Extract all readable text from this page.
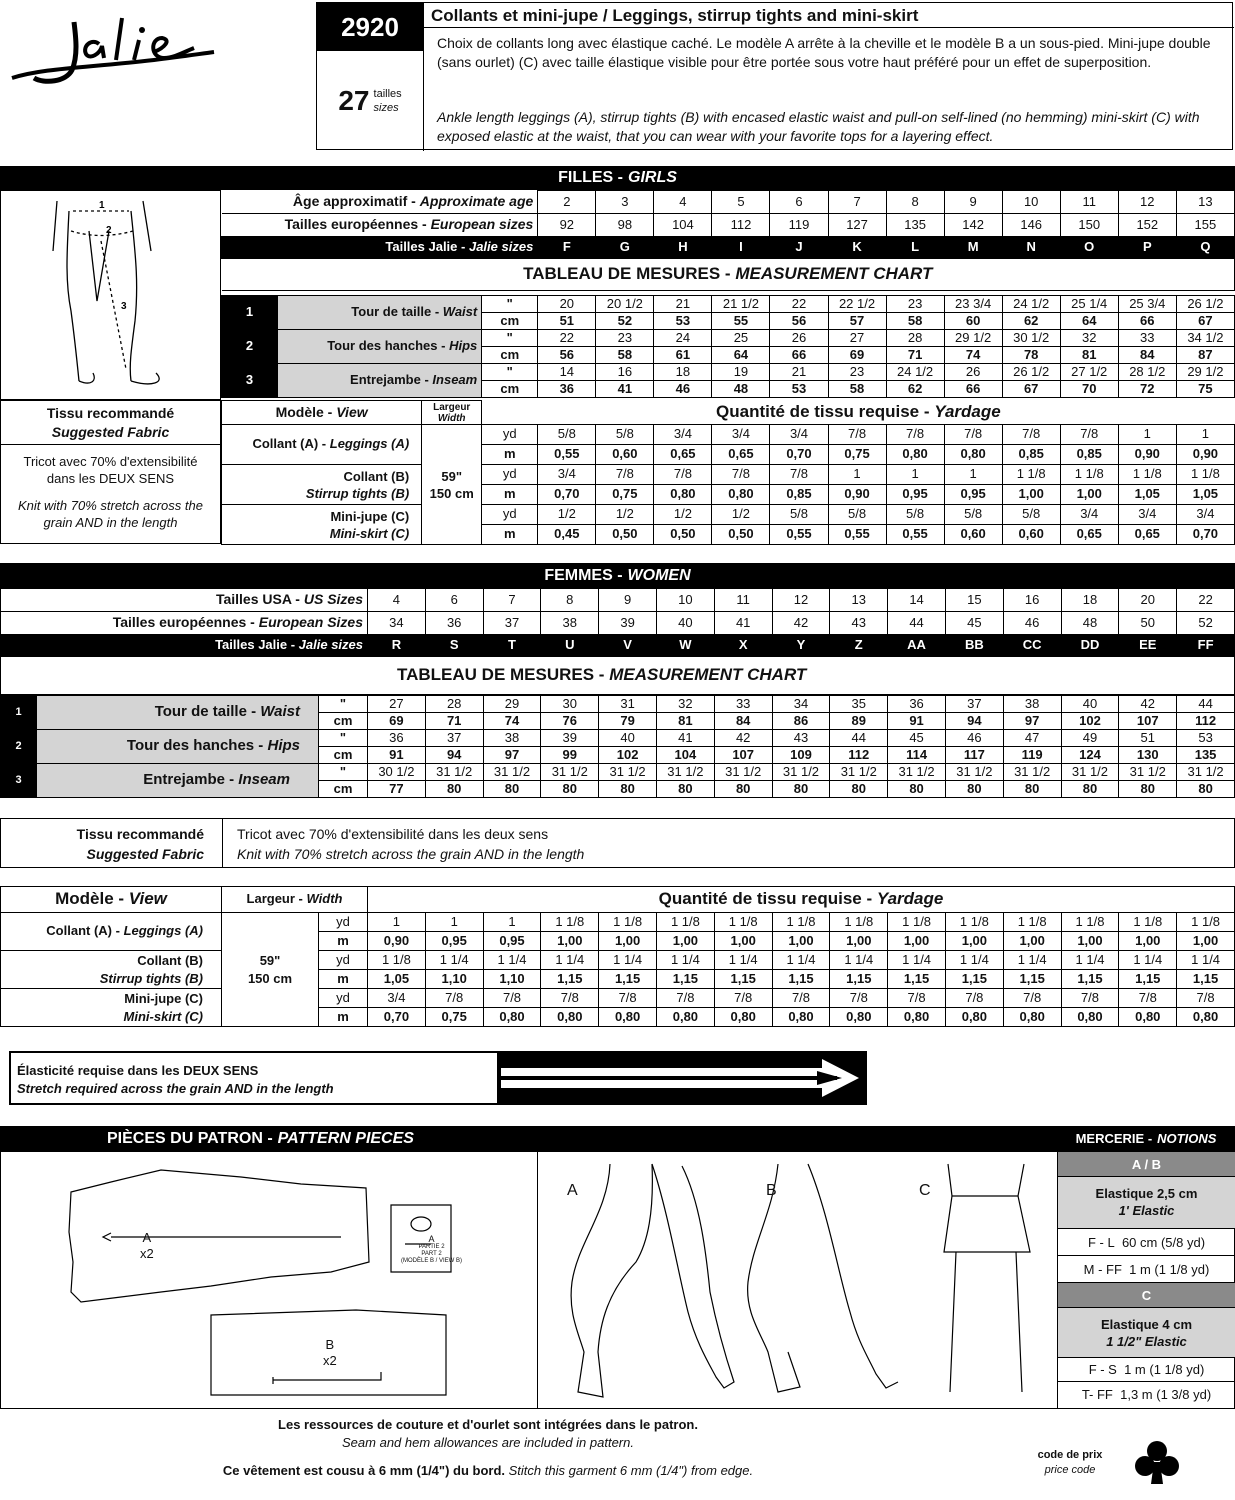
2920
27 tailles
sizes
Collants et mini-jupe / Leggings, stirrup tights and mini-skirt
Choix de collants long avec élastique caché. Le modèle A arrête à la cheville et le modèle B a un sous-pied. Mini-jupe double (sans ourlet) (C) avec taille élastique visible pour être portée sous votre haut préféré pour un effet de superposition.
Ankle length leggings (A), stirrup tights (B) with encased elastic waist and pull-on self-lined (no hemming) mini-skirt (C) with exposed elastic at the waist, that you can wear with your favorite tops for a layering effect.
FILLES - GIRLS
1
2
3
Âge approximatif - Approximate age	2	3	4	5	6	7	8	9	10	11	12	13
Tailles européennes - European sizes	92	98	104	112	119	127	135	142	146	150	152	155
Tailles Jalie - Jalie sizes	F	G	H	I	J	K	L	M	N	O	P	Q
TABLEAU DE MESURES - MEASUREMENT CHART												
1	Tour de taille - Waist	"	20	20 1/2	21	21 1/2	22	22 1/2	23	23 3/4	24 1/2	25 1/4	25 3/4	26 1/2
		cm	51	52	53	55	56	57	58	60	62	64	66	67
2	Tour des hanches - Hips	"	22	23	24	25	26	27	28	29 1/2	30 1/2	32	33	34 1/2
		cm	56	58	61	64	66	69	71	74	78	81	84	87
3	Entrejambe - Inseam	"	14	16	18	19	21	23	24 1/2	26	26 1/2	27 1/2	28 1/2	29 1/2
		cm	36	41	46	48	53	58	62	66	67	70	72	75
Tissu recommandé
Suggested Fabric
Tricot avec 70% d'extensibilité dans les DEUX SENS
Knit with 70% stretch across the grain AND in the length
Modèle - View	Largeur
Width	Quantité de tissu requise - Yardage												
Collant (A) - Leggings (A)	59"
150 cm	yd	5/8	5/8	3/4	3/4	3/4	7/8	7/8	7/8	7/8	7/8	1	1
		m	0,55	0,60	0,65	0,65	0,70	0,75	0,80	0,80	0,85	0,85	0,90	0,90

Collant (B)
Stirrup tights (B)		yd	3/4	7/8	7/8	7/8	7/8	1	1	1	1 1/8	1 1/8	1 1/8	1 1/8
		m	0,70	0,75	0,80	0,80	0,85	0,90	0,95	0,95	1,00	1,00	1,05	1,05

Mini-jupe (C)
Mini-skirt (C)		yd	1/2	1/2	1/2	1/2	5/8	5/8	5/8	5/8	5/8	3/4	3/4	3/4
		m	0,45	0,50	0,50	0,50	0,55	0,55	0,55	0,60	0,60	0,65	0,65	0,70
FEMMES - WOMEN
Tailles USA - US Sizes	4	6	7	8	9	10	11	12	13	14	15	16	18	20	22
Tailles européennes - European Sizes	34	36	37	38	39	40	41	42	43	44	45	46	48	50	52
Tailles Jalie - Jalie sizes	R	S	T	U	V	W	X	Y	Z	AA	BB	CC	DD	EE	FF
TABLEAU DE MESURES - MEASUREMENT CHART															
1	Tour de taille - Waist	"	27	28	29	30	31	32	33	34	35	36	37	38	40	42	44
		cm	69	71	74	76	79	81	84	86	89	91	94	97	102	107	112
2	Tour des hanches - Hips	"	36	37	38	39	40	41	42	43	44	45	46	47	49	51	53
		cm	91	94	97	99	102	104	107	109	112	114	117	119	124	130	135
3	Entrejambe - Inseam	"	30 1/2	31 1/2	31 1/2	31 1/2	31 1/2	31 1/2	31 1/2	31 1/2	31 1/2	31 1/2	31 1/2	31 1/2	31 1/2	31 1/2	31 1/2
		cm	77	80	80	80	80	80	80	80	80	80	80	80	80	80	80
Tissu recommandé
Suggested Fabric
Tricot avec 70% d'extensibilité dans les deux sens
Knit with 70% stretch across the grain AND in the length
Modèle - View	Largeur - Width		Quantité de tissu requise - Yardage														
Collant (A) - Leggings (A)	59"
150 cm	yd	1	1	1	1 1/8	1 1/8	1 1/8	1 1/8	1 1/8	1 1/8	1 1/8	1 1/8	1 1/8	1 1/8	1 1/8	1 1/8
		m	0,90	0,95	0,95	1,00	1,00	1,00	1,00	1,00	1,00	1,00	1,00	1,00	1,00	1,00	1,00

Collant (B)
Stirrup tights (B)		yd	1 1/8	1 1/4	1 1/4	1 1/4	1 1/4	1 1/4	1 1/4	1 1/4	1 1/4	1 1/4	1 1/4	1 1/4	1 1/4	1 1/4	1 1/4
		m	1,05	1,10	1,10	1,15	1,15	1,15	1,15	1,15	1,15	1,15	1,15	1,15	1,15	1,15	1,15

Mini-jupe (C)
Mini-skirt (C)		yd	3/4	7/8	7/8	7/8	7/8	7/8	7/8	7/8	7/8	7/8	7/8	7/8	7/8	7/8	7/8
		m	0,70	0,75	0,80	0,80	0,80	0,80	0,80	0,80	0,80	0,80	0,80	0,80	0,80	0,80	0,80
Élasticité requise dans les DEUX SENS
Stretch required across the grain AND in the length
PIÈCES DU PATRON - PATTERN PIECES	MERCERIE - NOTIONS
A
x2
A
PARTIE 2
PART 2
(MODÈLE B / VIEW B)
B
x2
A	B	C
A / B
Elastique 2,5 cm
1' Elastic
F - L
60 cm (5/8 yd)
M - FF
1 m (1 1/8 yd)
C
Elastique 4 cm
1 1/2" Elastic
F - S
1 m (1 1/8 yd)
T- FF
1,3 m (1 3/8 yd)
Les ressources de couture et d'ourlet sont intégrées dans le patron.
Seam and hem allowances are included in pattern.
Ce vêtement est cousu à 6 mm (1/4") du bord. Stitch this garment 6 mm (1/4") from edge.
code de prix
price code
